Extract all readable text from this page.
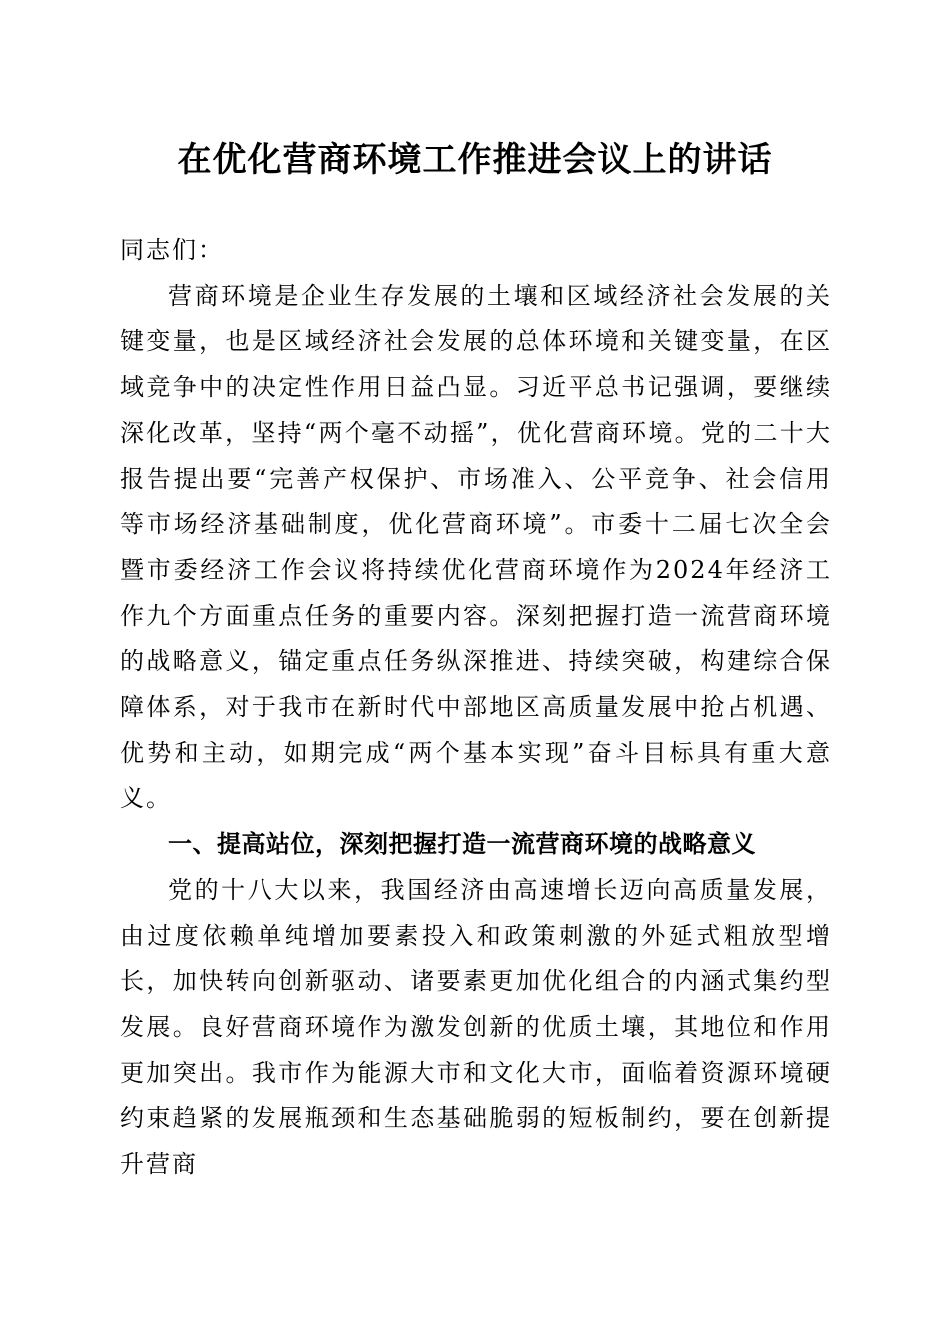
在优化营商环境工作推进会议上的讲话

同志们：

营商环境是企业生存发展的土壤和区域经济社会发展的关键变量，也是区域经济社会发展的总体环境和关键变量，在区域竞争中的决定性作用日益凸显。习近平总书记强调，要继续深化改革，坚持“两个毫不动摇”，优化营商环境。党的二十大报告提出要“完善产权保护、市场准入、公平竞争、社会信用等市场经济基础制度，优化营商环境”。市委十二届七次全会暨市委经济工作会议将持续优化营商环境作为2024年经济工作九个方面重点任务的重要内容。深刻把握打造一流营商环境的战略意义，锚定重点任务纵深推进、持续突破，构建综合保障体系，对于我市在新时代中部地区高质量发展中抢占机遇、优势和主动，如期完成“两个基本实现”奋斗目标具有重大意义。

一、提高站位，深刻把握打造一流营商环境的战略意义

党的十八大以来，我国经济由高速增长迈向高质量发展，由过度依赖单纯增加要素投入和政策刺激的外延式粗放型增长，加快转向创新驱动、诸要素更加优化组合的内涵式集约型发展。良好营商环境作为激发创新的优质土壤，其地位和作用更加突出。我市作为能源大市和文化大市，面临着资源环境硬约束趋紧的发展瓶颈和生态基础脆弱的短板制约，要在创新提升营商
